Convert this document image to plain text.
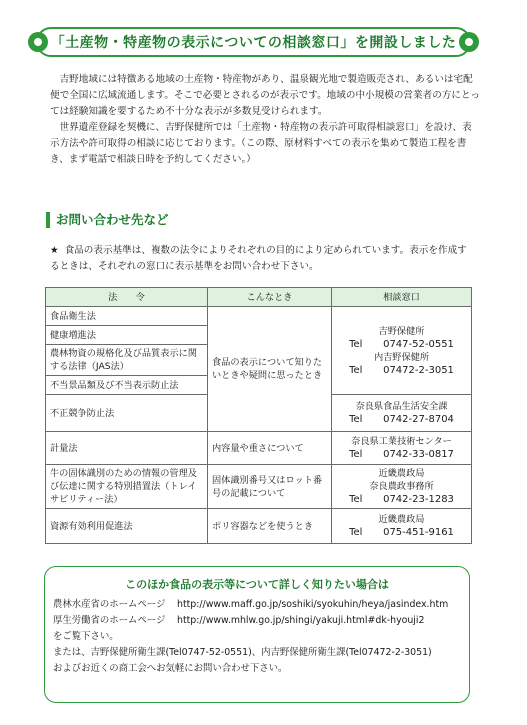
「土産物・特産物の表示についての相談窓口」を開設しました

吉野地域には特徴ある地域の土産物・特産物があり、温泉観光地で製造販売され、あるいは宅配便で全国に広域流通します。そこで必要とされるのが表示です。地域の中小規模の営業者の方にとっては経験知識を要するため不十分な表示が多数見受けられます。

世界遺産登録を契機に、吉野保健所では「土産物・特産物の表示許可取得相談窓口」を設け、表示方法や許可取得の相談に応じております。（この際、原材料すべての表示を集めて製造工程を書き、まず電話で相談日時を予約してください。）

お問い合わせ先など
★ 食品の表示基準は、複数の法令によりそれぞれの目的により定められています。表示を作成するときは、それぞれの窓口に表示基準をお問い合わせ下さい。
法　　令	こんなとき	相談窓口
食品衛生法	食品の表示について知りたいときや疑問に思ったとき	吉野保健所
Tel 0747-52-0551
内吉野保健所
Tel 07472-2-3051

健康増進法		
農林物資の規格化及び品質表示に関する法律（JAS法）		
不当景品類及び不当表示防止法		
不正競争防止法		奈良県食品生活安全課
Tel 0742-27-8704

計量法	内容量や重さについて	奈良県工業技術センター
Tel 0742-33-0817

牛の固体識別のための情報の管理及び伝達に関する特別措置法（トレイサビリティー法）	固体識別番号又はロット番号の記載について	近畿農政局
奈良農政事務所
Tel 0742-23-1283

資源有効利用促進法	ポリ容器などを使うとき	近畿農政局
Tel 075-451-9161
このほか食品の表示等について詳しく知りたい場合は
農林水産省のホームページ http://www.maff.go.jp/soshiki/syokuhin/heya/jasindex.htm
厚生労働省のホームページ http://www.mhlw.go.jp/shingi/yakuji.html#dk-hyouji2
をご覧下さい。
または、吉野保健所衛生課(Tel0747-52-0551)、内吉野保健所衛生課(Tel07472-2-3051)
およびお近くの商工会へお気軽にお問い合わせ下さい。
